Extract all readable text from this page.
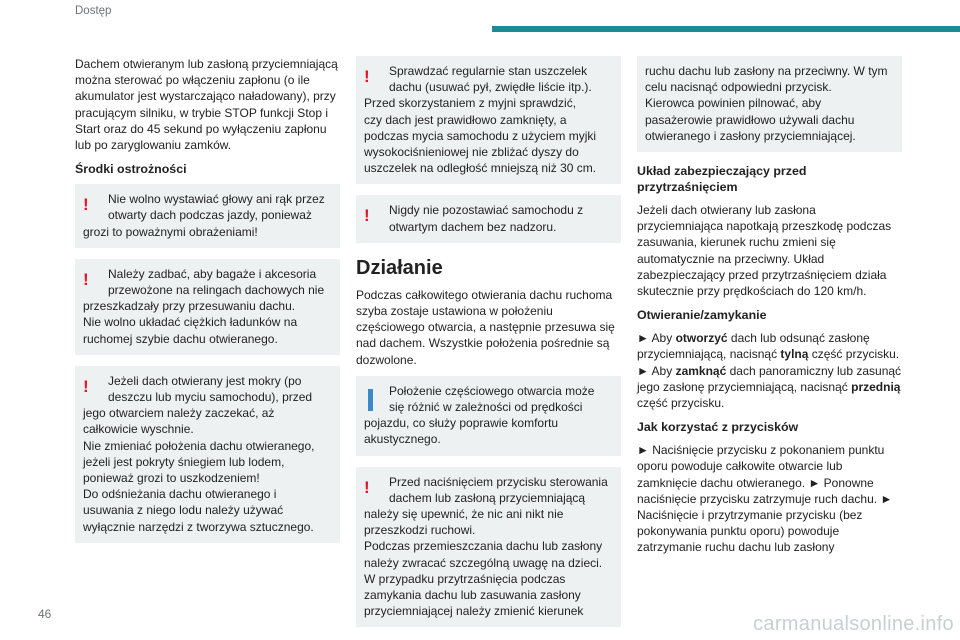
Dostęp

Dachem otwieranym lub zasłoną przyciemniającą można sterować po włączeniu zapłonu (o ile akumulator jest wystarczająco naładowany), przy pracującym silniku, w trybie STOP funkcji Stop i Start oraz do 45 sekund po wyłączeniu zapłonu lub po zaryglowaniu zamków.

Środki ostrożności
!	Nie wolno wystawiać głowy ani rąk przez
otwarty dach podczas jazdy, ponieważ
grozi to poważnymi obrażeniami!
!	Należy zadbać, aby bagaże i akcesoria
przewożone na relingach dachowych nie
przeszkadzały przy przesuwaniu dachu.
Nie wolno układać ciężkich ładunków na
ruchomej szybie dachu otwieranego.
!	Jeżeli dach otwierany jest mokry (po
deszczu lub myciu samochodu), przed
jego otwarciem należy zaczekać, aż
całkowicie wyschnie.
Nie zmieniać położenia dachu otwieranego,
jeżeli jest pokryty śniegiem lub lodem,
ponieważ grozi to uszkodzeniem!
Do odśnieżania dachu otwieranego i
usuwania z niego lodu należy używać
wyłącznie narzędzi z tworzywa sztucznego.
!	Sprawdzać regularnie stan uszczelek
dachu (usuwać pył, zwiędłe liście itp.).
Przed skorzystaniem z myjni sprawdzić,
czy dach jest prawidłowo zamknięty, a
podczas mycia samochodu z użyciem myjki
wysokociśnieniowej nie zbliżać dyszy do
uszczelek na odległość mniejszą niż 30 cm.
!	Nigdy nie pozostawiać samochodu z
otwartym dachem bez nadzoru.
Działanie

Podczas całkowitego otwierania dachu ruchoma szyba zostaje ustawiona w położeniu częściowego otwarcia, a następnie przesuwa się nad dachem. Wszystkie położenia pośrednie są dozwolone.

Położenie częściowego otwarcia może
się różnić w zależności od prędkości
pojazdu, co służy poprawie komfortu
akustycznego.
!	Przed naciśnięciem przycisku sterowania
dachem lub zasłoną przyciemniającą
należy się upewnić, że nic ani nikt nie
przeszkodzi ruchowi.
Podczas przemieszczania dachu lub zasłony
należy zwracać szczególną uwagę na dzieci.
W przypadku przytrzaśnięcia podczas
zamykania dachu lub zasuwania zasłony
przyciemniającej należy zmienić kierunek
ruchu dachu lub zasłony na przeciwny. W tym
celu nacisnąć odpowiedni przycisk.
Kierowca powinien pilnować, aby
pasażerowie prawidłowo używali dachu
otwieranego i zasłony przyciemniającej.
Układ zabezpieczający przed przytrzaśnięciem

Jeżeli dach otwierany lub zasłona przyciemniająca napotkają przeszkodę podczas zasuwania, kierunek ruchu zmieni się automatycznie na przeciwny. Układ zabezpieczający przed przytrzaśnięciem działa skutecznie przy prędkościach do 120 km/h.

Otwieranie/zamykanie

► Aby otworzyć dach lub odsunąć zasłonę przyciemniającą, nacisnąć tylną część przycisku. ► Aby zamknąć dach panoramiczny lub zasunąć jego zasłonę przyciemniającą, nacisnąć przednią część przycisku.

Jak korzystać z przycisków

► Naciśnięcie przycisku z pokonaniem punktu oporu powoduje całkowite otwarcie lub zamknięcie dachu otwieranego. ► Ponowne naciśnięcie przycisku zatrzymuje ruch dachu. ► Naciśnięcie i przytrzymanie przycisku (bez pokonywania punktu oporu) powoduje zatrzymanie ruchu dachu lub zasłony

46	carmanualsonline.info
